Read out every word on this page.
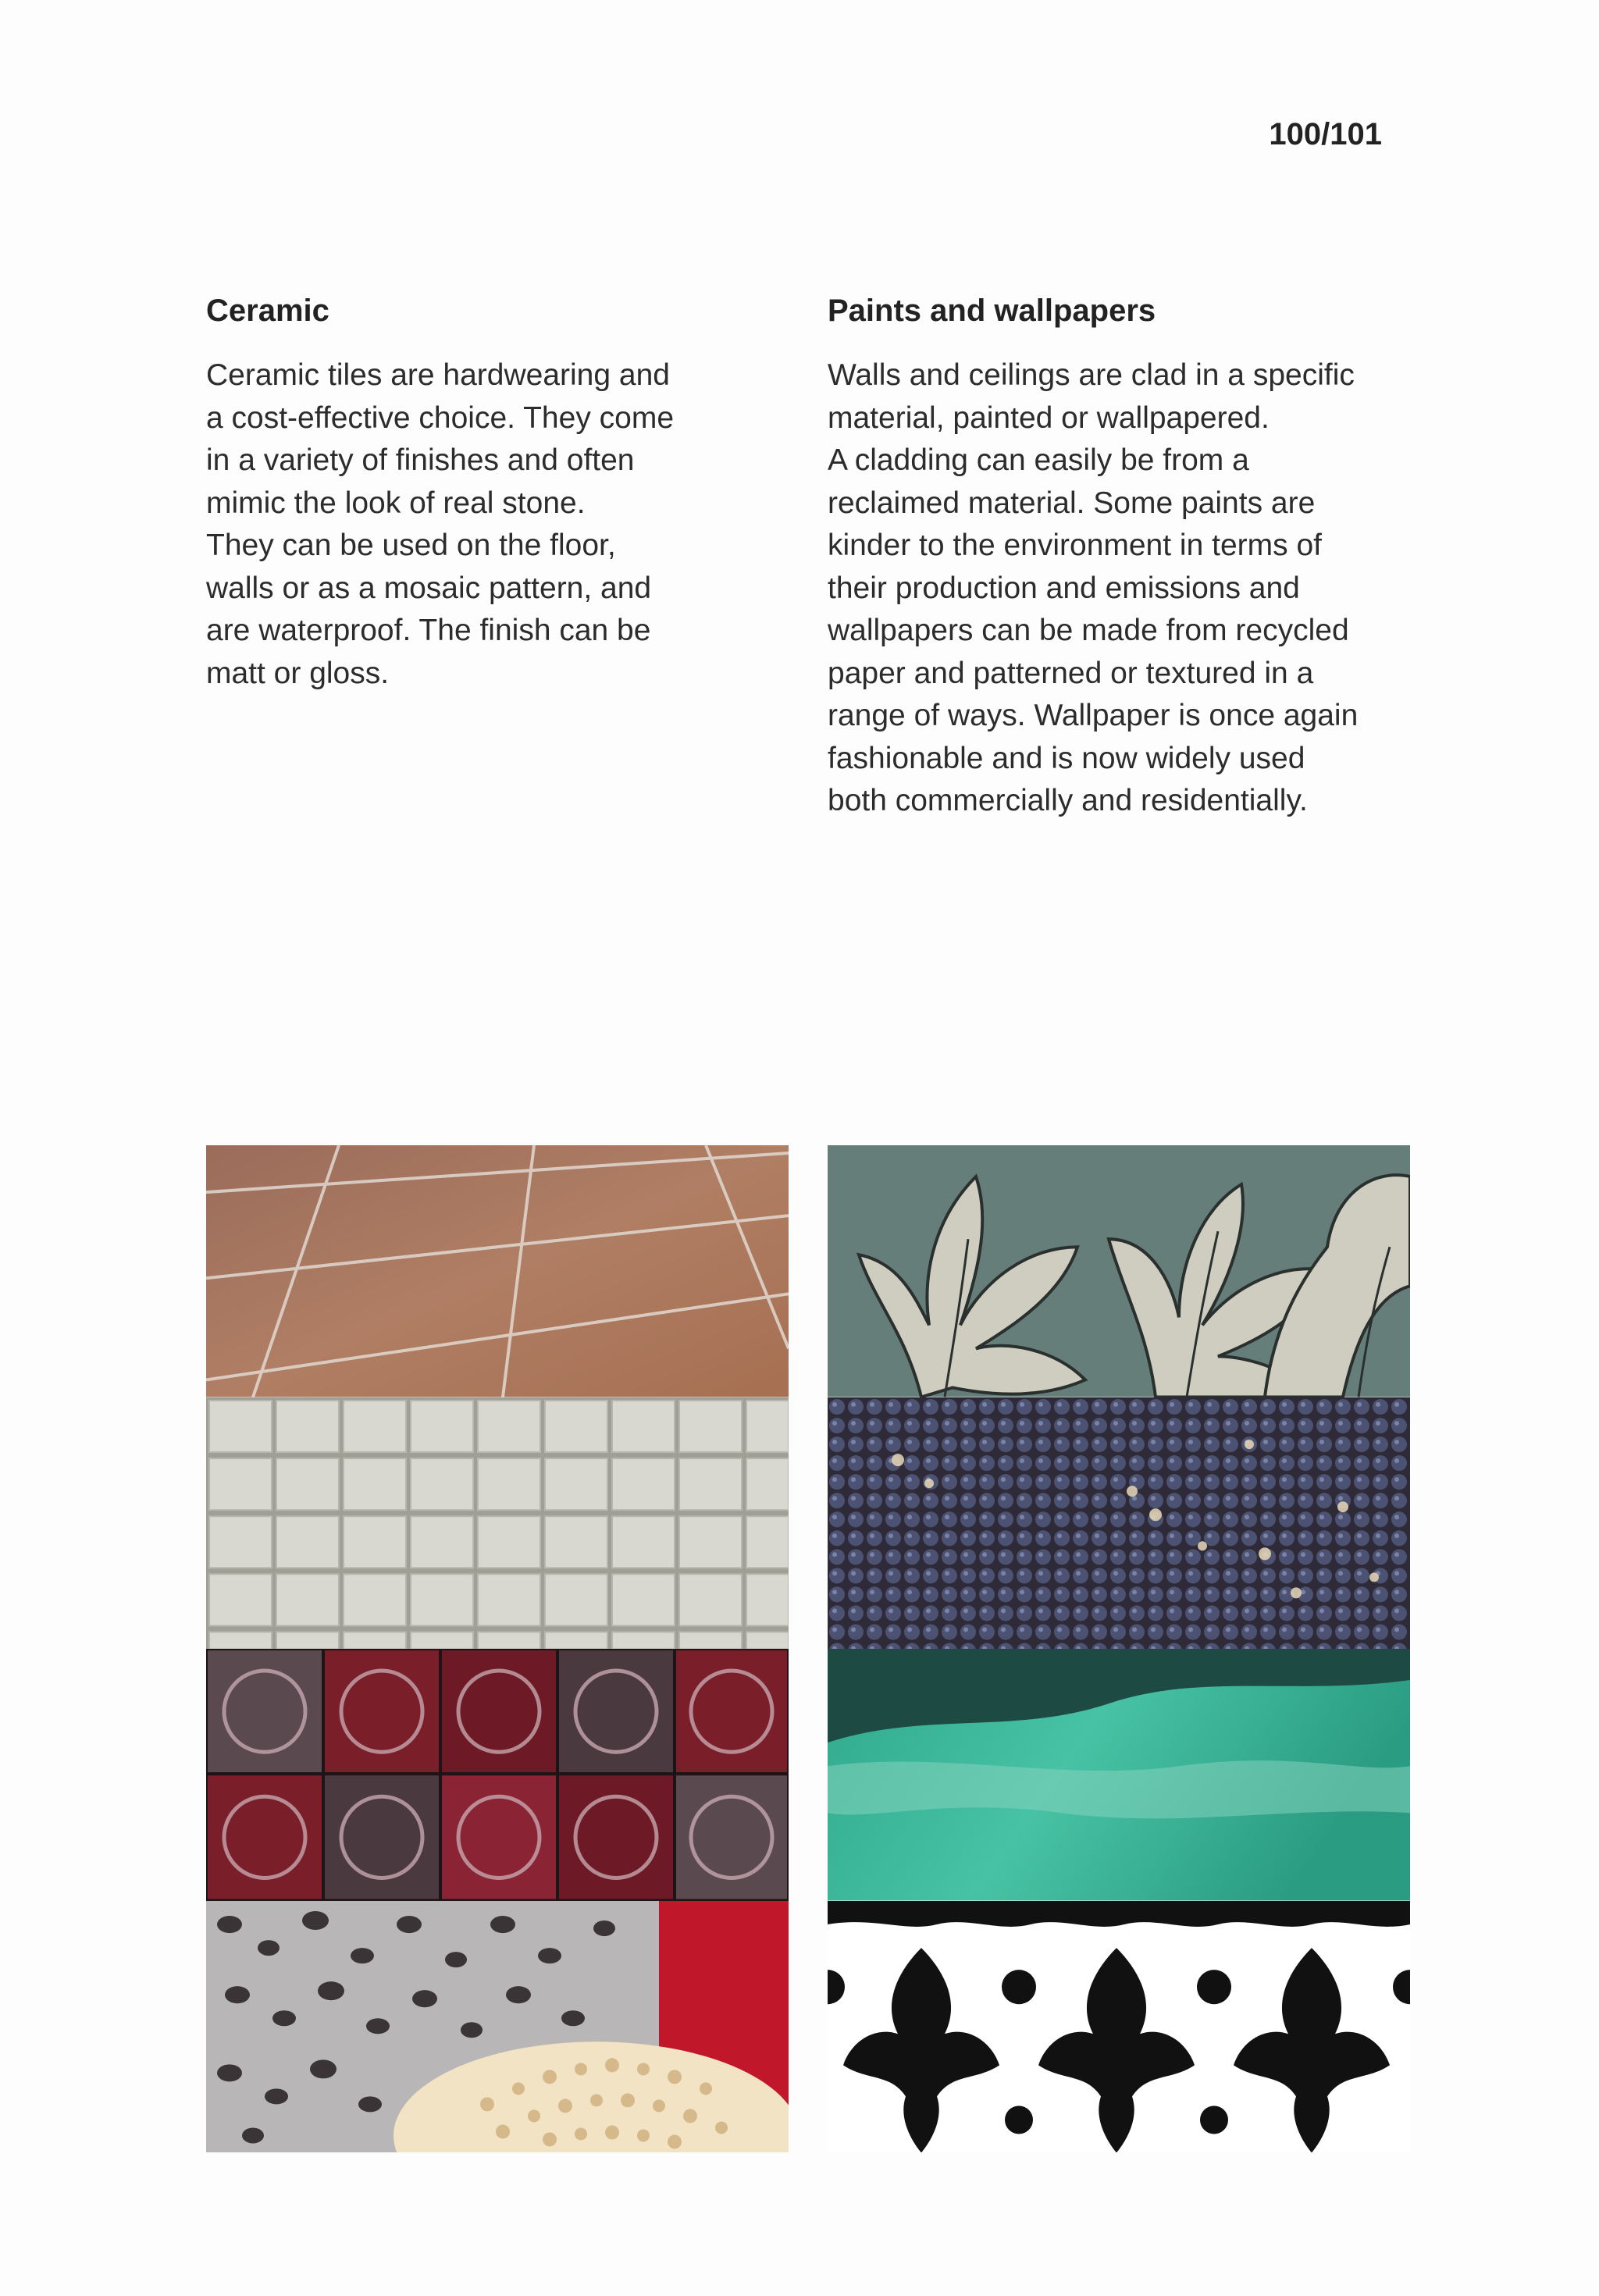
100/101
Ceramic

Ceramic tiles are hardwearing and
a cost-effective choice. They come
in a variety of finishes and often
mimic the look of real stone.
They can be used on the floor,
walls or as a mosaic pattern, and
are waterproof. The finish can be
matt or gloss.

Paints and wallpapers

Walls and ceilings are clad in a specific
material, painted or wallpapered.
A cladding can easily be from a
reclaimed material. Some paints are
kinder to the environment in terms of
their production and emissions and
wallpapers can be made from recycled
paper and patterned or textured in a
range of ways. Wallpaper is once again
fashionable and is now widely used
both commercially and residentially.
